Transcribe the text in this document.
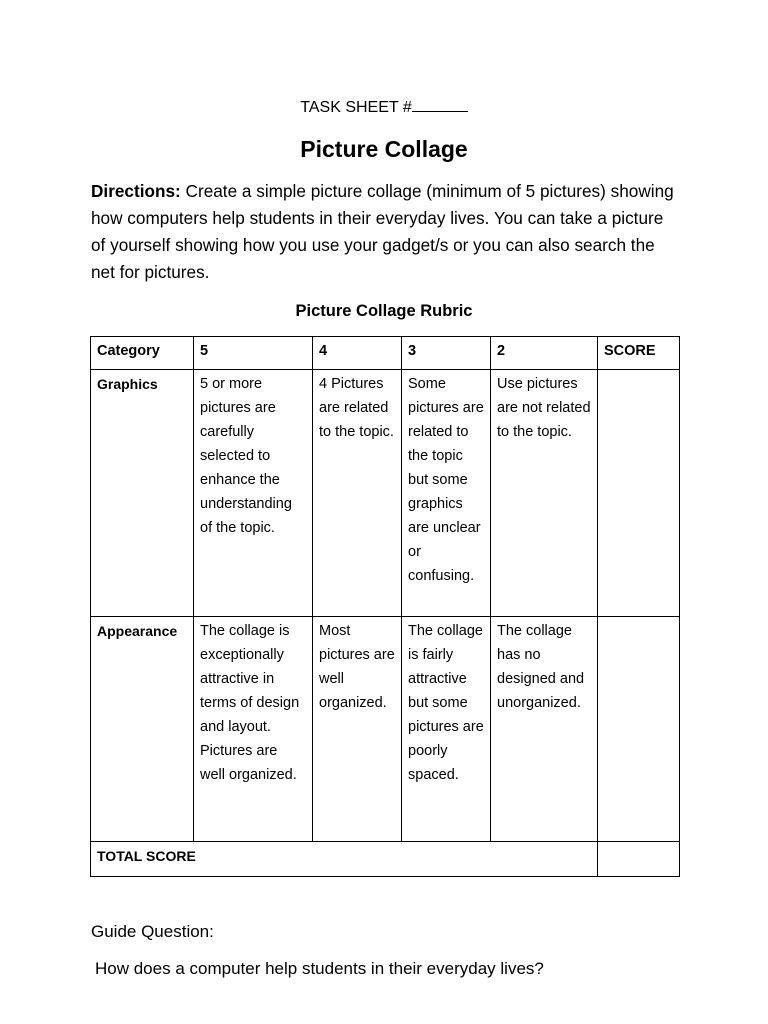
TASK SHEET #
Picture Collage
Directions: Create a simple picture collage (minimum of 5 pictures) showing how computers help students in their everyday lives. You can take a picture of yourself showing how you use your gadget/s or you can also search the net for pictures.
Picture Collage Rubric
Category	5	4	3	2	SCORE
Graphics	5 or more pictures are carefully selected to enhance the understanding of the topic.	4 Pictures are related to the topic.	Some pictures are related to the topic but some graphics are unclear or confusing.	Use pictures are not related to the topic.	
Appearance	The collage is exceptionally attractive in terms of design and layout. Pictures are well organized.	Most pictures are well organized.	The collage is fairly attractive but some pictures are poorly spaced.	The collage has no designed and unorganized.	
TOTAL SCORE					
Guide Question:
How does a computer help students in their everyday lives?
